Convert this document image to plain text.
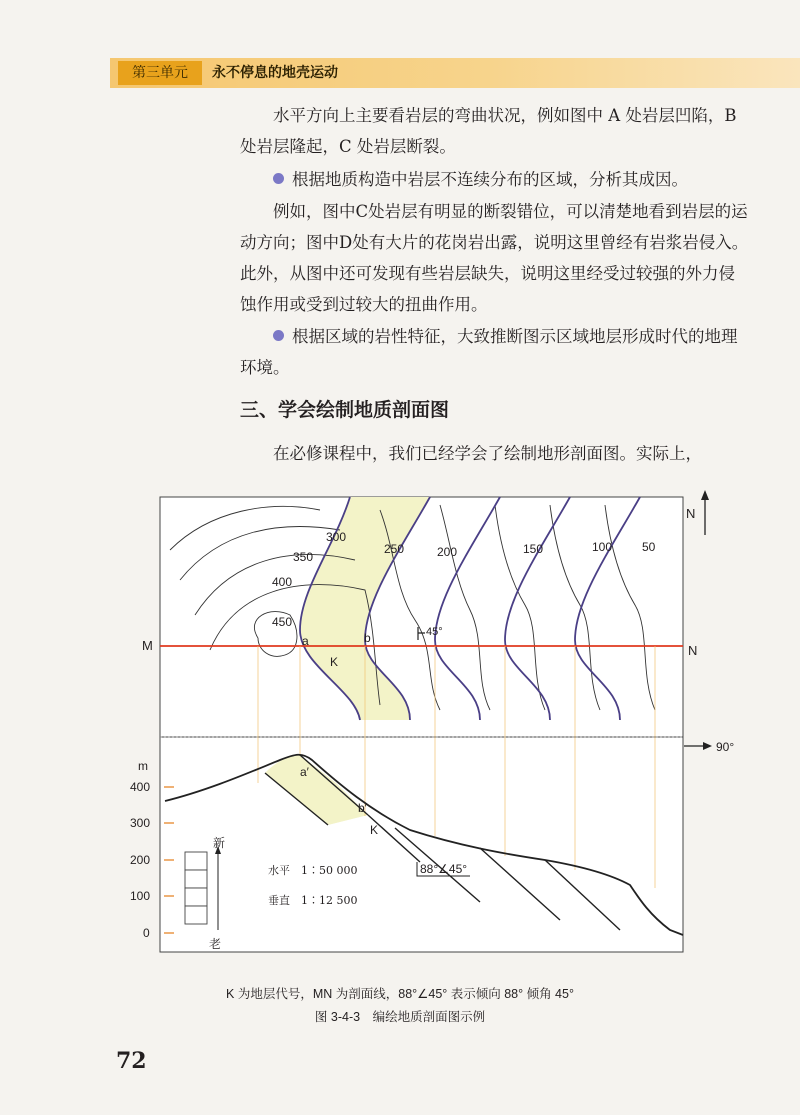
第三单元	永不停息的地壳运动

水平方向上主要看岩层的弯曲状况，例如图中 A 处岩层凹陷，B 处岩层隆起，C 处岩层断裂。

根据地质构造中岩层不连续分布的区域，分析其成因。

例如，图中C处岩层有明显的断裂错位，可以清楚地看到岩层的运动方向；图中D处有大片的花岗岩出露，说明这里曾经有岩浆岩侵入。此外，从图中还可发现有些岩层缺失，说明这里经受过较强的外力侵蚀作用或受到过较大的扭曲作用。

根据区域的岩性特征，大致推断图示区域地层形成时代的地理环境。

三、学会绘制地质剖面图

在必修课程中，我们已经学会了绘制地形剖面图。实际上，

300
350
400
450
250	200	150	100 50
a	b
K
45°
M	N
N
90°
m
400
300
200
100
0
a′
b′
K
88°∠45°
水平　1∶50 000
垂直　1∶12 500
新
老
K 为地层代号，MN 为剖面线，88°∠45° 表示倾向 88° 倾角 45°
图 3-4-3　编绘地质剖面图示例
72
